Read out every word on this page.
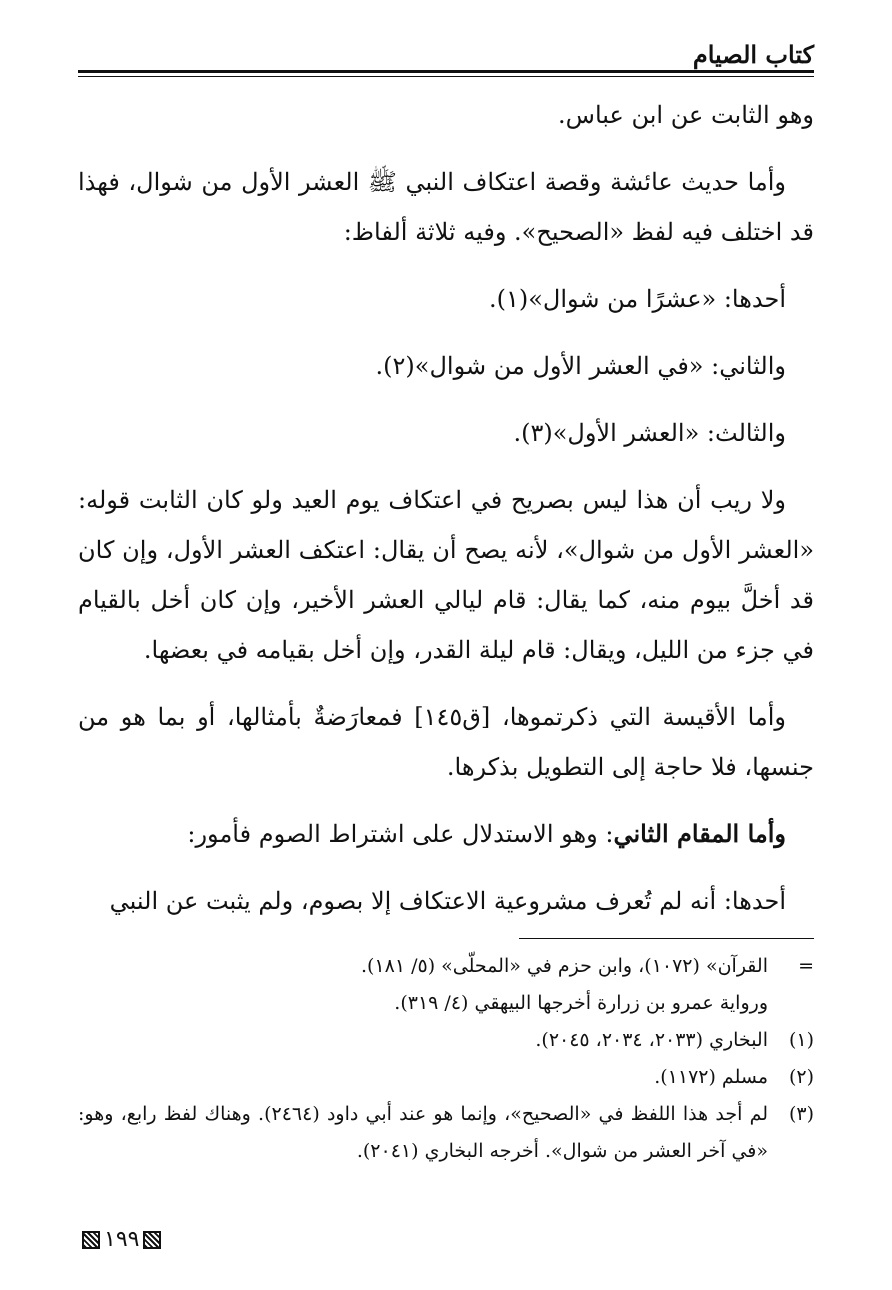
كتاب الصيام

وهو الثابت عن ابن عباس.

وأما حديث عائشة وقصة اعتكاف النبي ﷺ العشر الأول من شوال، فهذا قد اختلف فيه لفظ «الصحيح». وفيه ثلاثة ألفاظ:

أحدها: «عشرًا من شوال»(١).

والثاني: «في العشر الأول من شوال»(٢).

والثالث: «العشر الأول»(٣).

ولا ريب أن هذا ليس بصريح في اعتكاف يوم العيد ولو كان الثابت قوله: «العشر الأول من شوال»، لأنه يصح أن يقال: اعتكف العشر الأول، وإن كان قد أخلَّ بيوم منه، كما يقال: قام ليالي العشر الأخير، وإن كان أخل بالقيام في جزء من الليل، ويقال: قام ليلة القدر، وإن أخل بقيامه في بعضها.

وأما الأقيسة التي ذكرتموها، [ق١٤٥] فمعارَضةٌ بأمثالها، أو بما هو من جنسها، فلا حاجة إلى التطويل بذكرها.

وأما المقام الثاني: وهو الاستدلال على اشتراط الصوم فأمور:

أحدها: أنه لم تُعرف مشروعية الاعتكاف إلا بصوم، ولم يثبت عن النبي

=

القرآن» (١٠٧٢)، وابن حزم في «المحلّى» (٥/ ١٨١).

ورواية عمرو بن زرارة أخرجها البيهقي (٤/ ٣١٩).

(١)

البخاري (٢٠٣٣، ٢٠٣٤، ٢٠٤٥).

(٢)

مسلم (١١٧٢).

(٣)

لم أجد هذا اللفظ في «الصحيح»، وإنما هو عند أبي داود (٢٤٦٤). وهناك لفظ رابع، وهو: «في آخر العشر من شوال». أخرجه البخاري (٢٠٤١).

١٩٩
